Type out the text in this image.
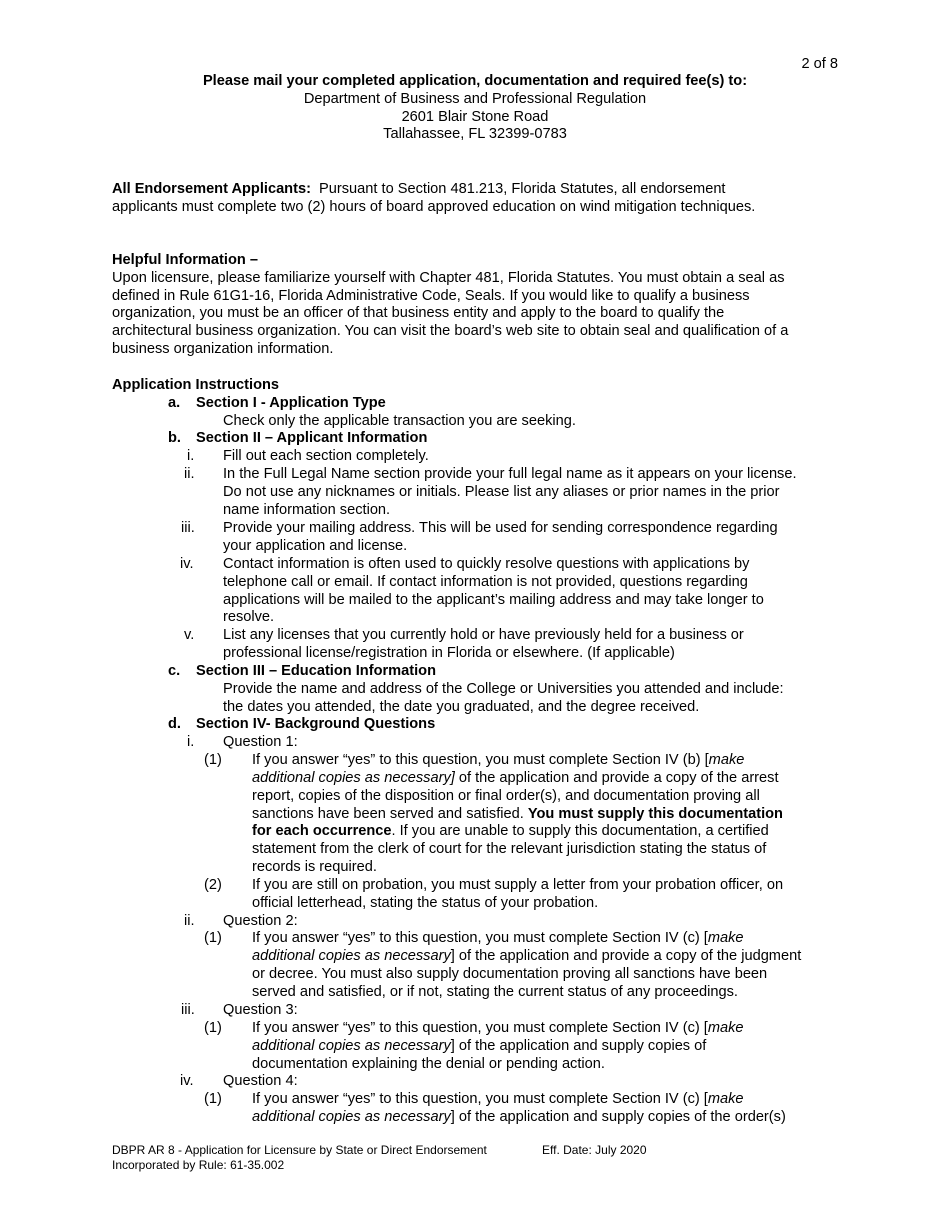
2 of 8
Please mail your completed application, documentation and required fee(s) to:
Department of Business and Professional Regulation
2601 Blair Stone Road
Tallahassee, FL 32399-0783
All Endorsement Applicants:  Pursuant to Section 481.213, Florida Statutes, all endorsement
applicants must complete two (2) hours of board approved education on wind mitigation techniques.
Helpful Information –
Upon licensure, please familiarize yourself with Chapter 481, Florida Statutes. You must obtain a seal as
defined in Rule 61G1-16, Florida Administrative Code, Seals. If you would like to qualify a business
organization, you must be an officer of that business entity and apply to the board to qualify the
architectural business organization. You can visit the board’s web site to obtain seal and qualification of a
business organization information.
Application Instructions
a. Section I - Application Type
Check only the applicable transaction you are seeking.
b. Section II – Applicant Information
i. Fill out each section completely.
ii. In the Full Legal Name section provide your full legal name as it appears on your license.
Do not use any nicknames or initials. Please list any aliases or prior names in the prior
name information section.
iii. Provide your mailing address. This will be used for sending correspondence regarding
your application and license.
iv. Contact information is often used to quickly resolve questions with applications by
telephone call or email. If contact information is not provided, questions regarding
applications will be mailed to the applicant’s mailing address and may take longer to
resolve.
v. List any licenses that you currently hold or have previously held for a business or
professional license/registration in Florida or elsewhere. (If applicable)
c. Section III – Education Information
Provide the name and address of the College or Universities you attended and include:
the dates you attended, the date you graduated, and the degree received.
d. Section IV- Background Questions
i. Question 1:
(1) If you answer “yes” to this question, you must complete Section IV (b) [make
additional copies as necessary] of the application and provide a copy of the arrest
report, copies of the disposition or final order(s), and documentation proving all
sanctions have been served and satisfied. You must supply this documentation
for each occurrence. If you are unable to supply this documentation, a certified
statement from the clerk of court for the relevant jurisdiction stating the status of
records is required.
(2) If you are still on probation, you must supply a letter from your probation officer, on
official letterhead, stating the status of your probation.
ii. Question 2:
(1) If you answer “yes” to this question, you must complete Section IV (c) [make
additional copies as necessary] of the application and provide a copy of the judgment
or decree. You must also supply documentation proving all sanctions have been
served and satisfied, or if not, stating the current status of any proceedings.
iii. Question 3:
(1) If you answer “yes” to this question, you must complete Section IV (c) [make
additional copies as necessary] of the application and supply copies of
documentation explaining the denial or pending action.
iv. Question 4:
(1) If you answer “yes” to this question, you must complete Section IV (c) [make
additional copies as necessary] of the application and supply copies of the order(s)
DBPR AR 8 - Application for Licensure by State or Direct Endorsement	Eff. Date: July 2020
Incorporated by Rule: 61-35.002
